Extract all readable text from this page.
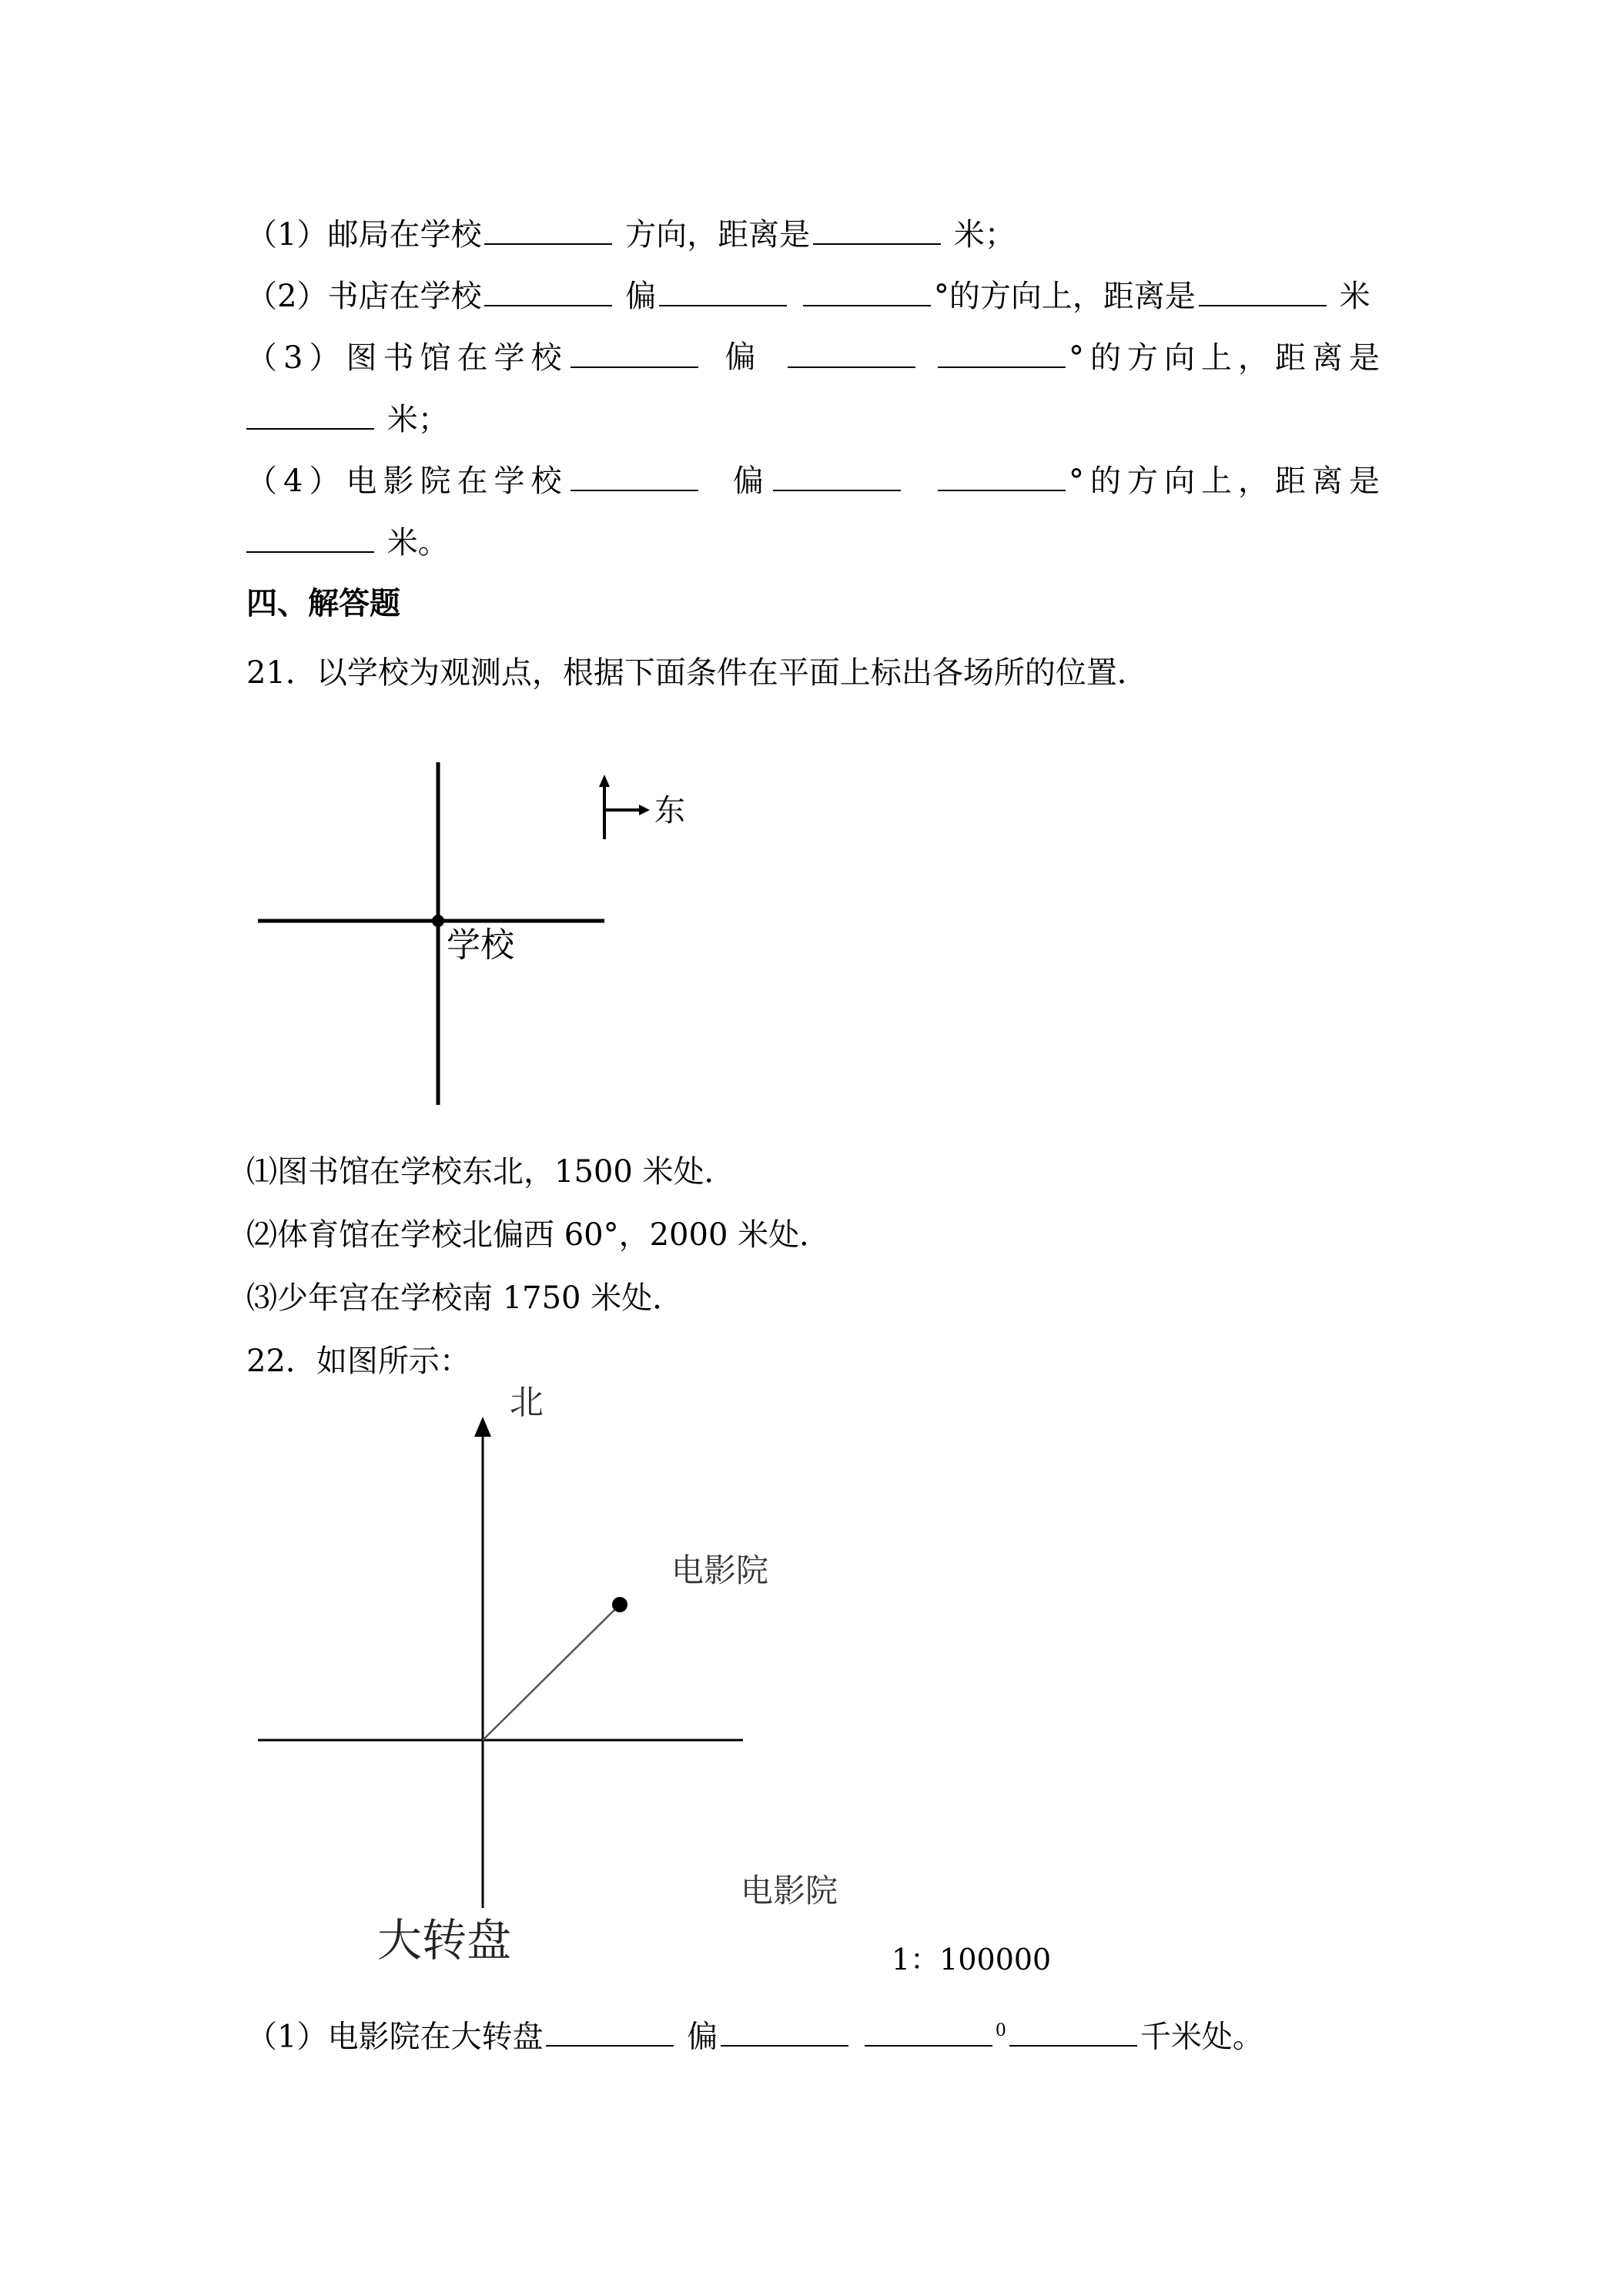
（1）邮局在学校	方向，距离是	米；
（2）书店在学校	偏	°的方向上，距离是	米
（3）图书馆在学校	偏	°的方向上，距离是
米；
（4）电影院在学校	偏	°的方向上，距离是
米。
四、解答题
21．以学校为观测点，根据下面条件在平面上标出各场所的位置．
学校
东
⑴图书馆在学校东北，1500 米处．
⑵体育馆在学校北偏西 60°，2000 米处．
⑶少年宫在学校南 1750 米处．
22．如图所示：
北
电影院
电影院
大转盘	1：100000
（1）电影院在大转盘	偏	$^0$	千米处。
